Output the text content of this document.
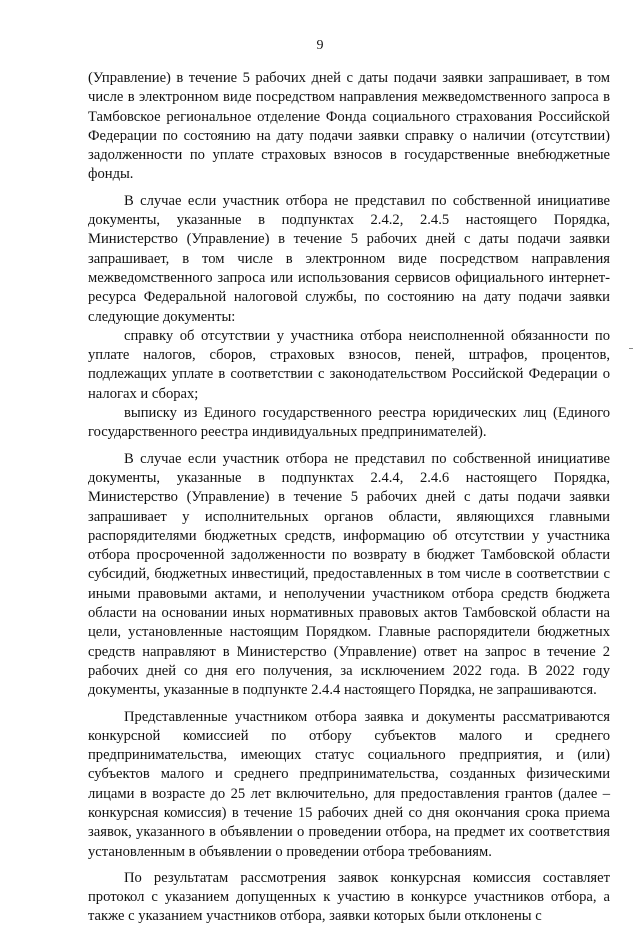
9

(Управление) в течение 5 рабочих дней с даты подачи заявки запрашивает, в том числе в электронном виде посредством направления межведомственного запроса в Тамбовское региональное отделение Фонда социального страхования Российской Федерации по состоянию на дату подачи заявки справку о наличии (отсутствии) задолженности по уплате страховых взносов в государственные внебюджетные фонды.

В случае если участник отбора не представил по собственной инициативе документы, указанные в подпунктах 2.4.2, 2.4.5 настоящего Порядка, Министерство (Управление) в течение 5 рабочих дней с даты подачи заявки запрашивает, в том числе в электронном виде посредством направления межведомственного запроса или использования сервисов официального интернет-ресурса Федеральной налоговой службы, по состоянию на дату подачи заявки следующие документы:

справку об отсутствии у участника отбора неисполненной обязанности по уплате налогов, сборов, страховых взносов, пеней, штрафов, процентов, подлежащих уплате в соответствии с законодательством Российской Федерации о налогах и сборах;

выписку из Единого государственного реестра юридических лиц (Единого государственного реестра индивидуальных предпринимателей).

В случае если участник отбора не представил по собственной инициативе документы, указанные в подпунктах 2.4.4, 2.4.6 настоящего Порядка, Министерство (Управление) в течение 5 рабочих дней с даты подачи заявки запрашивает у исполнительных органов области, являющихся главными распорядителями бюджетных средств, информацию об отсутствии у участника отбора просроченной задолженности по возврату в бюджет Тамбовской области субсидий, бюджетных инвестиций, предоставленных в том числе в соответствии с иными правовыми актами, и неполучении участником отбора средств бюджета области на основании иных нормативных правовых актов Тамбовской области на цели, установленные настоящим Порядком. Главные распорядители бюджетных средств направляют в Министерство (Управление) ответ на запрос в течение 2 рабочих дней со дня его получения, за исключением 2022 года. В 2022 году документы, указанные в подпункте 2.4.4 настоящего Порядка, не запрашиваются.

Представленные участником отбора заявка и документы рассматриваются конкурсной комиссией по отбору субъектов малого и среднего предпринимательства, имеющих статус социального предприятия, и (или) субъектов малого и среднего предпринимательства, созданных физическими лицами в возрасте до 25 лет включительно, для предоставления грантов (далее – конкурсная комиссия) в течение 15 рабочих дней со дня окончания срока приема заявок, указанного в объявлении о проведении отбора, на предмет их соответствия установленным в объявлении о проведении отбора требованиям.

По результатам рассмотрения заявок конкурсная комиссия составляет протокол с указанием допущенных к участию в конкурсе участников отбора, а также с указанием участников отбора, заявки которых были отклонены с
